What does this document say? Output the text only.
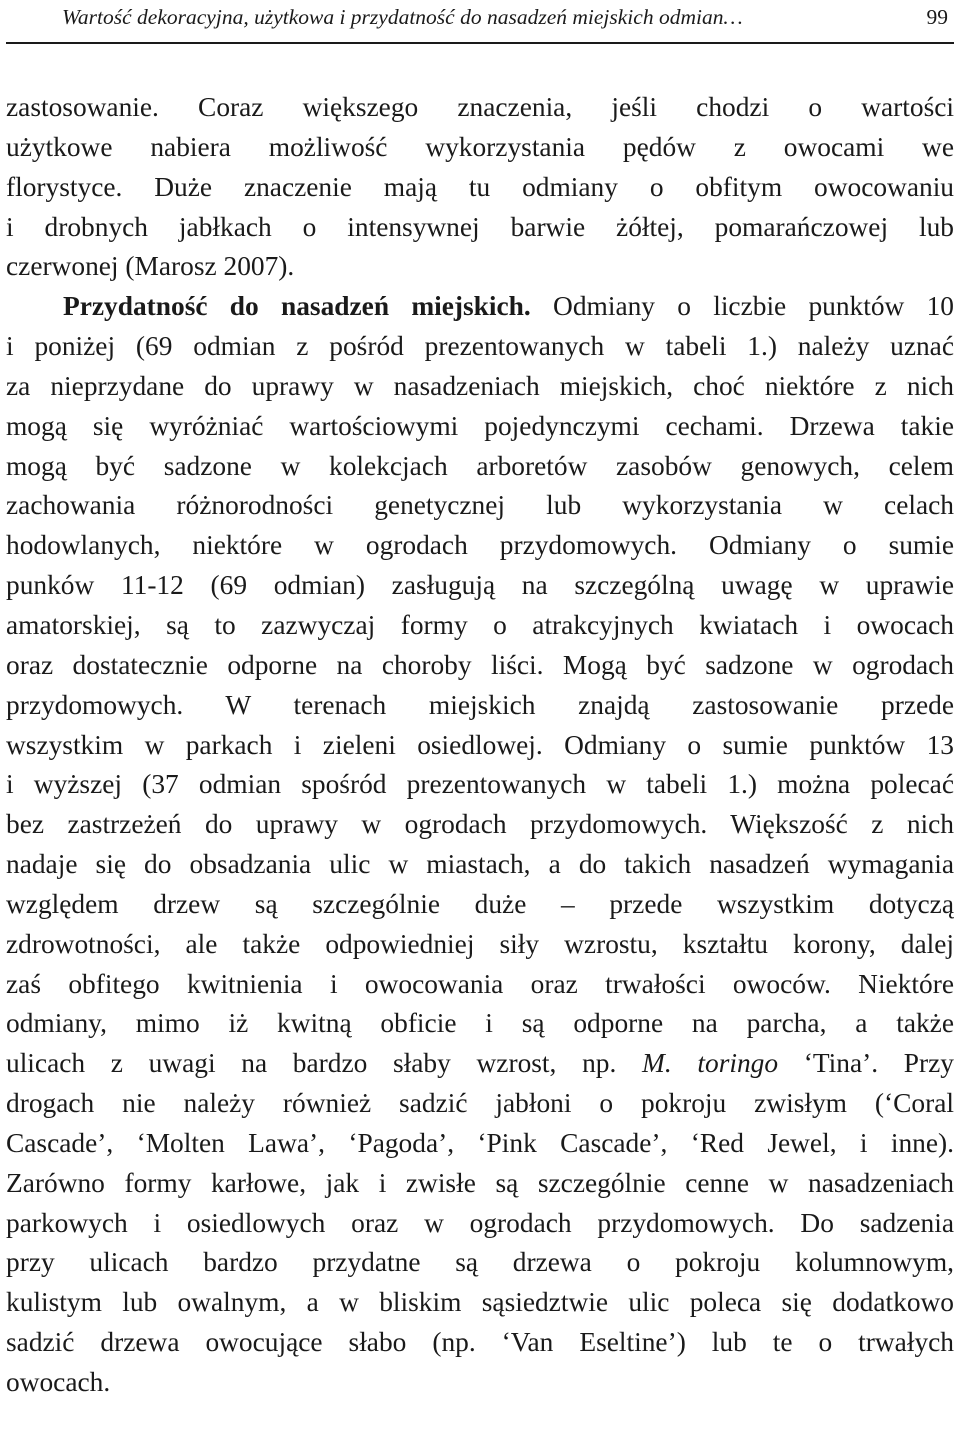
Wartość dekoracyjna, użytkowa i przydatność do nasadzeń miejskich odmian…	99
zastosowanie. Coraz większego znaczenia, jeśli chodzi o wartości
użytkowe nabiera możliwość wykorzystania pędów z owocami we
florystyce. Duże znaczenie mają tu odmiany o obfitym owocowaniu
i drobnych jabłkach o intensywnej barwie żółtej, pomarańczowej lub
czerwonej (Marosz 2007).
Przydatność do nasadzeń miejskich. Odmiany o liczbie punktów 10
i poniżej (69 odmian z pośród prezentowanych w tabeli 1.) należy uznać
za nieprzydane do uprawy w nasadzeniach miejskich, choć niektóre z nich
mogą się wyróżniać wartościowymi pojedynczymi cechami. Drzewa takie
mogą być sadzone w kolekcjach arboretów zasobów genowych, celem
zachowania różnorodności genetycznej lub wykorzystania w celach
hodowlanych, niektóre w ogrodach przydomowych. Odmiany o sumie
punków 11-12 (69 odmian) zasługują na szczególną uwagę w uprawie
amatorskiej, są to zazwyczaj formy o atrakcyjnych kwiatach i owocach
oraz dostatecznie odporne na choroby liści. Mogą być sadzone w ogrodach
przydomowych. W terenach miejskich znajdą zastosowanie przede
wszystkim w parkach i zieleni osiedlowej. Odmiany o sumie punktów 13
i wyższej (37 odmian spośród prezentowanych w tabeli 1.) można polecać
bez zastrzeżeń do uprawy w ogrodach przydomowych. Większość z nich
nadaje się do obsadzania ulic w miastach, a do takich nasadzeń wymagania
względem drzew są szczególnie duże – przede wszystkim dotyczą
zdrowotności, ale także odpowiedniej siły wzrostu, kształtu korony, dalej
zaś obfitego kwitnienia i owocowania oraz trwałości owoców. Niektóre
odmiany, mimo iż kwitną obficie i są odporne na parcha, a także
ulicach z uwagi na bardzo słaby wzrost, np. M. toringo ‘Tina’. Przy
drogach nie należy również sadzić jabłoni o pokroju zwisłym (‘Coral
Cascade’, ‘Molten Lawa’, ‘Pagoda’, ‘Pink Cascade’, ‘Red Jewel, i inne).
Zarówno formy karłowe, jak i zwisłe są szczególnie cenne w nasadzeniach
parkowych i osiedlowych oraz w ogrodach przydomowych. Do sadzenia
przy ulicach bardzo przydatne są drzewa o pokroju kolumnowym,
kulistym lub owalnym, a w bliskim sąsiedztwie ulic poleca się dodatkowo
sadzić drzewa owocujące słabo (np. ‘Van Eseltine’) lub te o trwałych
owocach.
